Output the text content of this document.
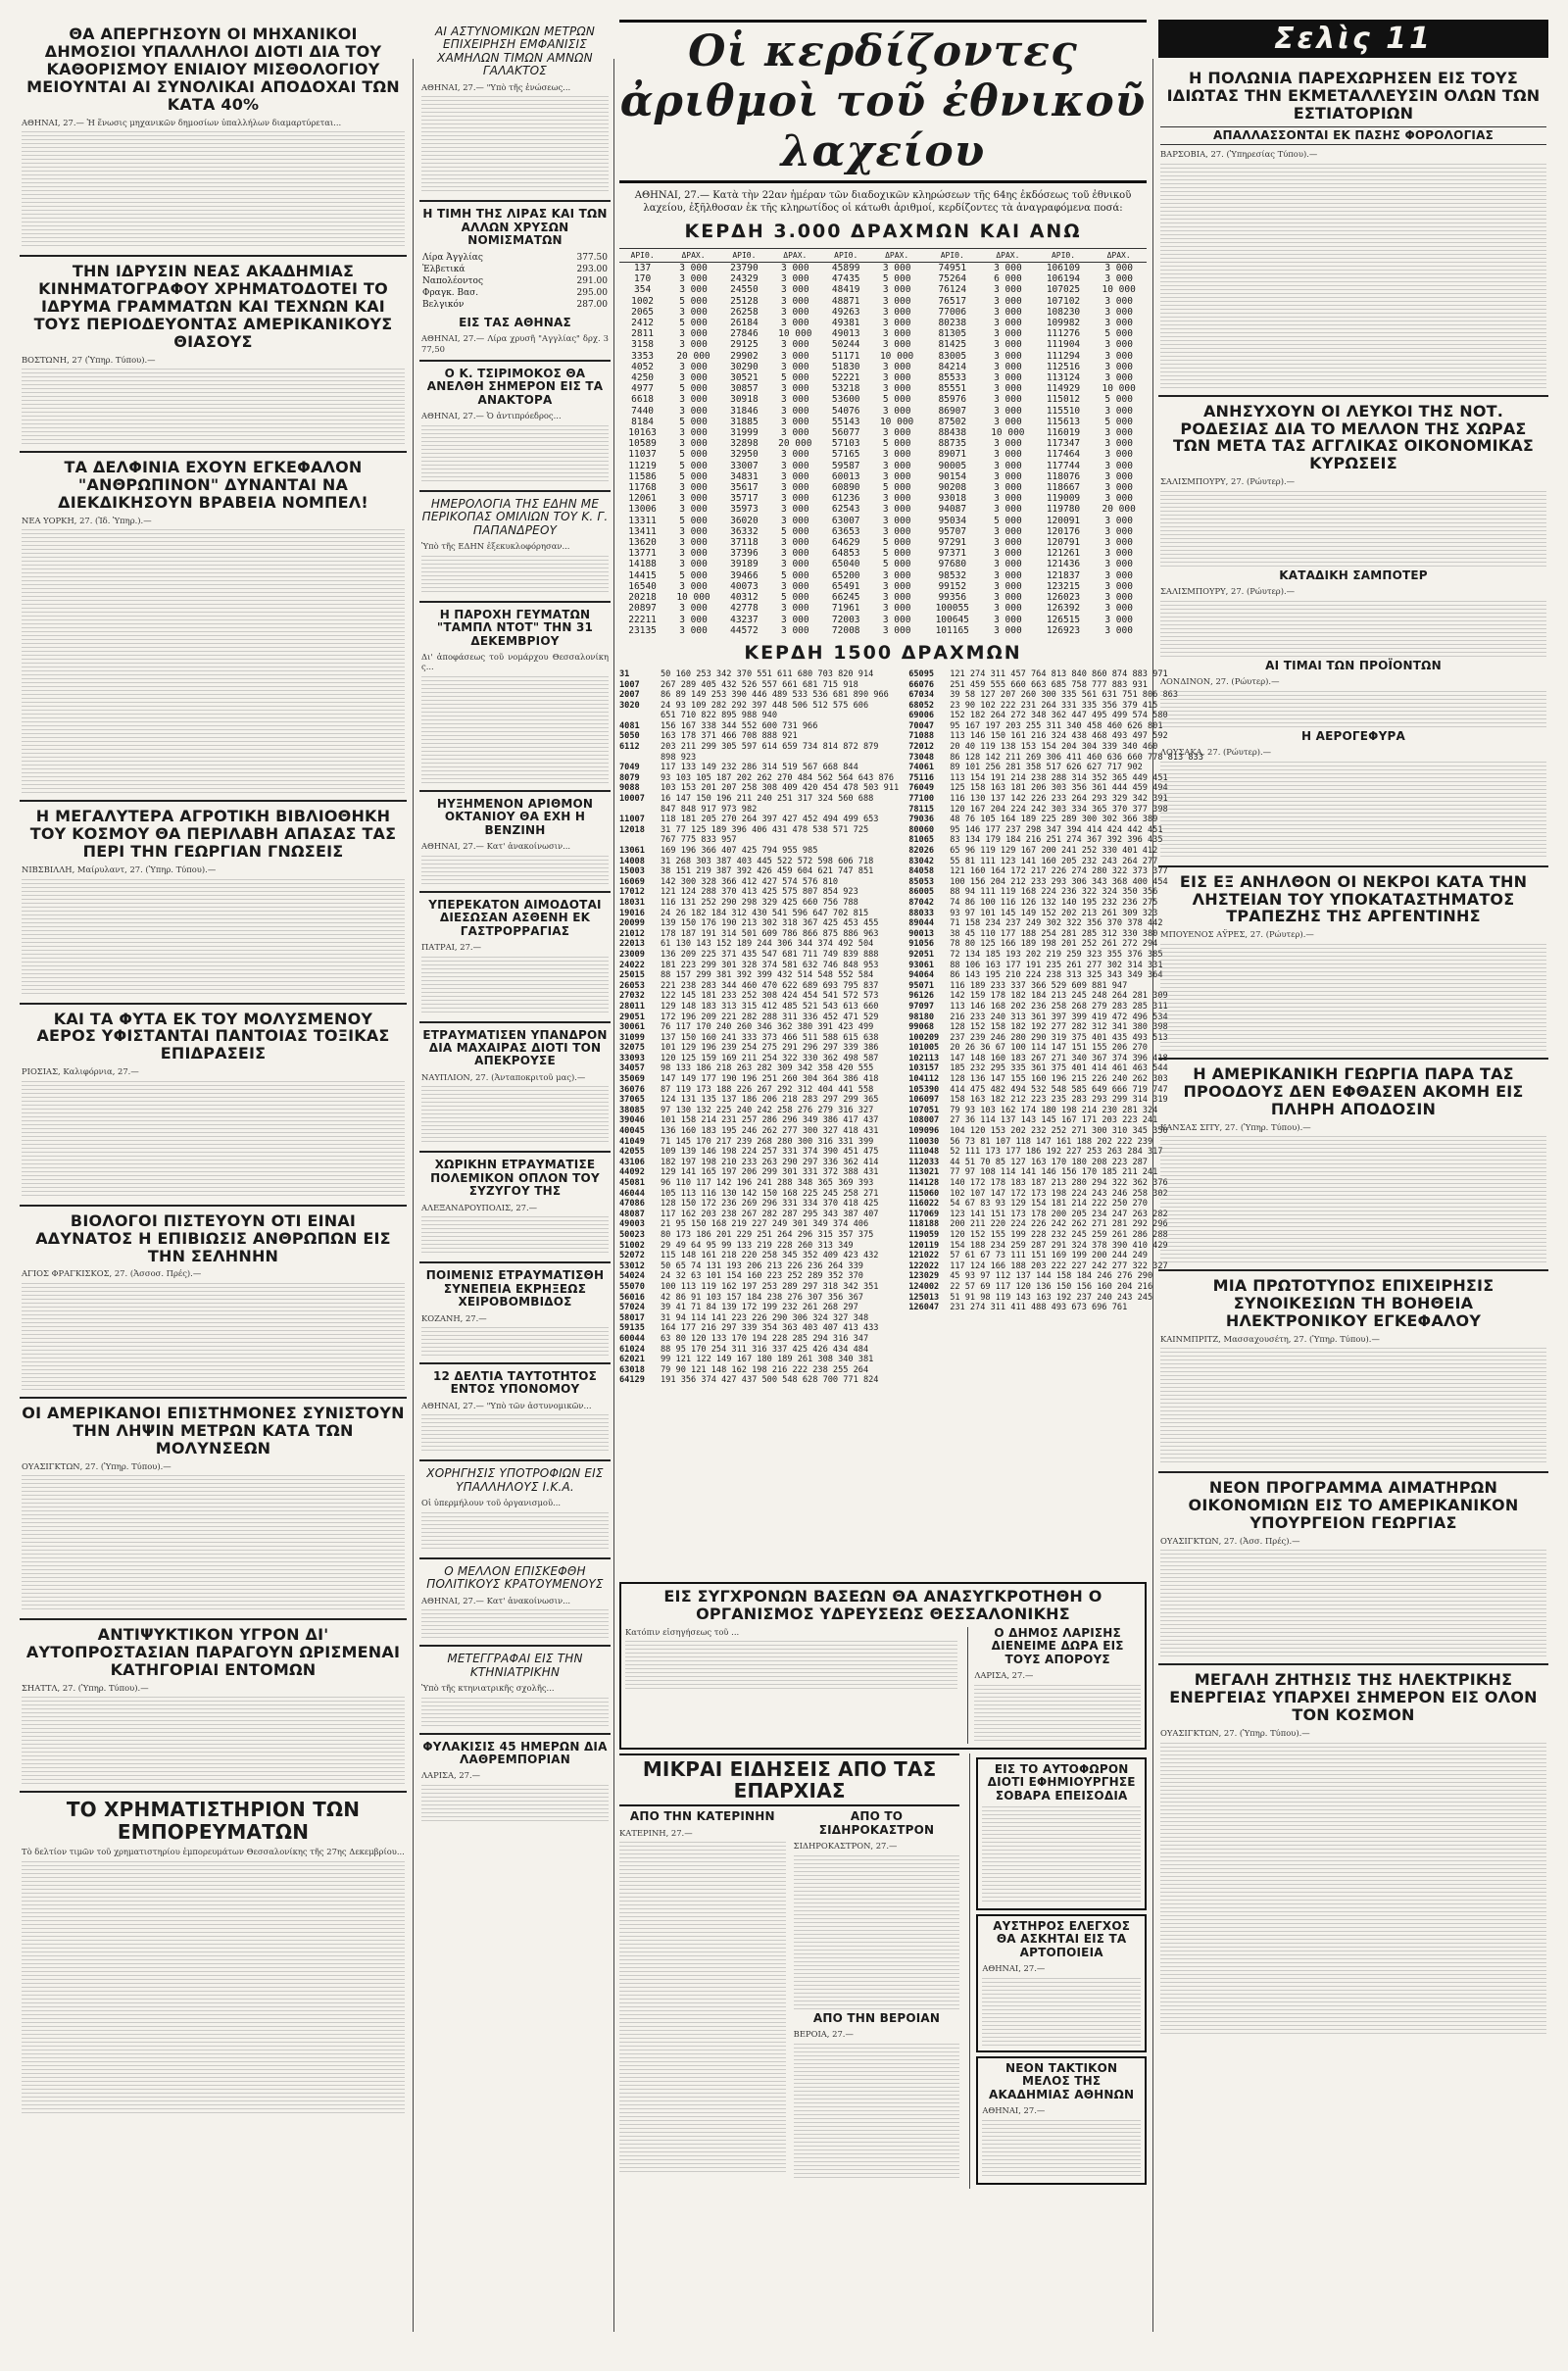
ΘΑ ΑΠΕΡΓΗΣΟΥΝ ΟΙ ΜΗΧΑΝΙΚΟΙ ΔΗΜΟΣΙΟΙ ΥΠΑΛΛΗΛΟΙ ΔΙΟΤΙ ΔΙΑ ΤΟΥ ΚΑΘΟΡΙΣΜΟΥ ΕΝΙΑΙΟΥ ΜΙΣΘΟΛΟΓΙΟΥ ΜΕΙΟΥΝΤΑΙ ΑΙ ΣΥΝΟΛΙΚΑΙ ΑΠΟΔΟΧΑΙ ΤΩΝ ΚΑΤΑ 40%

ΑΘΗΝΑΙ, 27.— Ἡ ἕνωσις μηχανικῶν δημοσίων ὑπαλλήλων διαμαρτύρεται...

ΤΗΝ ΙΔΡΥΣΙΝ ΝΕΑΣ ΑΚΑΔΗΜΙΑΣ ΚΙΝΗΜΑΤΟΓΡΑΦΟΥ ΧΡΗΜΑΤΟΔΟΤΕΙ ΤΟ ΙΔΡΥΜΑ ΓΡΑΜΜΑΤΩΝ ΚΑΙ ΤΕΧΝΩΝ ΚΑΙ ΤΟΥΣ ΠΕΡΙΟΔΕΥΟΝΤΑΣ ΑΜΕΡΙΚΑΝΙΚΟΥΣ ΘΙΑΣΟΥΣ

ΒΟΣΤΩΝΗ, 27 (Ὑπηρ. Τύπου).—

ΤΑ ΔΕΛΦΙΝΙΑ ΕΧΟΥΝ ΕΓΚΕΦΑΛΟΝ "ΑΝΘΡΩΠΙΝΟΝ" ΔΥΝΑΝΤΑΙ ΝΑ ΔΙΕΚΔΙΚΗΣΟΥΝ ΒΡΑΒΕΙΑ ΝΟΜΠΕΛ!

ΝΕΑ ΥΟΡΚΗ, 27. (Ἰδ. Ὑπηρ.).—

Η ΜΕΓΑΛΥΤΕΡΑ ΑΓΡΟΤΙΚΗ ΒΙΒΛΙΟΘΗΚΗ ΤΟΥ ΚΟΣΜΟΥ ΘΑ ΠΕΡΙΛΑΒΗ ΑΠΑΣΑΣ ΤΑΣ ΠΕΡΙ ΤΗΝ ΓΕΩΡΓΙΑΝ ΓΝΩΣΕΙΣ

ΝΙΒΣΒΙΛΛΗ, Μαίρυλαντ, 27. (Ὑπηρ. Τύπου).—

ΚΑΙ ΤΑ ΦΥΤΑ ΕΚ ΤΟΥ ΜΟΛΥΣΜΕΝΟΥ ΑΕΡΟΣ ΥΦΙΣΤΑΝΤΑΙ ΠΑΝΤΟΙΑΣ ΤΟΞΙΚΑΣ ΕΠΙΔΡΑΣΕΙΣ

ΡΙΟΣΙΑΣ, Καλιφόρνια, 27.—

ΒΙΟΛΟΓΟΙ ΠΙΣΤΕΥΟΥΝ ΟΤΙ ΕΙΝΑΙ ΑΔΥΝΑΤΟΣ Η ΕΠΙΒΙΩΣΙΣ ΑΝΘΡΩΠΩΝ ΕΙΣ ΤΗΝ ΣΕΛΗΝΗΝ

ΑΓΙΟΣ ΦΡΑΓΚΙΣΚΟΣ, 27. (Ἀσσοσ. Πρές).—

ΟΙ ΑΜΕΡΙΚΑΝΟΙ ΕΠΙΣΤΗΜΟΝΕΣ ΣΥΝΙΣΤΟΥΝ ΤΗΝ ΛΗΨΙΝ ΜΕΤΡΩΝ ΚΑΤΑ ΤΩΝ ΜΟΛΥΝΣΕΩΝ

ΟΥΑΣΙΓΚΤΩΝ, 27. (Ὑπηρ. Τύπου).—

ΑΝΤΙΨΥΚΤΙΚΟΝ ΥΓΡΟΝ ΔΙ' ΑΥΤΟΠΡΟΣΤΑΣΙΑΝ ΠΑΡΑΓΟΥΝ ΩΡΙΣΜΕΝΑΙ ΚΑΤΗΓΟΡΙΑΙ ΕΝΤΟΜΩΝ

ΣΗΑΤΤΛ, 27. (Ὑπηρ. Τύπου).—

ΤΟ ΧΡΗΜΑΤΙΣΤΗΡΙΟΝ ΤΩΝ ΕΜΠΟΡΕΥΜΑΤΩΝ

Τὸ δελτίον τιμῶν τοῦ χρηματιστηρίου ἐμπορευμάτων Θεσσαλονίκης τῆς 27ης Δεκεμβρίου...

ΑΙ ΑΣΤΥΝΟΜΙΚΩΝ ΜΕΤΡΩΝ ΕΠΙΧΕΙΡΗΣΗ ΕΜΦΑΝΙΣΙΣ ΧΑΜΗΛΩΝ ΤΙΜΩΝ ΑΜΝΩΝ ΓΑΛΑΚΤΟΣ

ΑΘΗΝΑΙ, 27.— "Υπὸ τῆς ἐνώσεως...

Η ΤΙΜΗ ΤΗΣ ΛΙΡΑΣ ΚΑΙ ΤΩΝ ΑΛΛΩΝ ΧΡΥΣΩΝ ΝΟΜΙΣΜΑΤΩΝ
Λίρα Ἀγγλίας	377.50
Ἐλβετικά	293.00
Ναπολέοντος	291.00
Φραγκ. Βασ.	295.00
Βελγικόν	287.00
ΕΙΣ ΤΑΣ ΑΘΗΝΑΣ

ΑΘΗΝΑΙ, 27.— Λίρα χρυσῆ "Αγγλίας" δρχ. 377,50

Ο Κ. ΤΣΙΡΙΜΟΚΟΣ ΘΑ ΑΝΕΛΘΗ ΣΗΜΕΡΟΝ ΕΙΣ ΤΑ ΑΝΑΚΤΟΡΑ

ΑΘΗΝΑΙ, 27.— Ὁ ἀντιπρόεδρος...

ΗΜΕΡΟΛΟΓΙΑ ΤΗΣ ΕΔΗΝ ΜΕ ΠΕΡΙΚΟΠΑΣ ΟΜΙΛΙΩΝ ΤΟΥ Κ. Γ. ΠΑΠΑΝΔΡΕΟΥ

Ὑπὸ τῆς ΕΔΗΝ ἐξεκυκλοφόρησαν...

Η ΠΑΡΟΧΗ ΓΕΥΜΑΤΩΝ "ΤΑΜΠΛ ΝΤΟΤ" ΤΗΝ 31 ΔΕΚΕΜΒΡΙΟΥ

Δι' ἀποφάσεως τοῦ νομάρχου Θεσσαλονίκης...

ΗΥΞΗΜΕΝΟΝ ΑΡΙΘΜΟΝ ΟΚΤΑΝΙΟΥ ΘΑ ΕΧΗ Η ΒΕΝΖΙΝΗ

ΑΘΗΝΑΙ, 27.— Κατ' ἀνακοίνωσιν...

ΥΠΕΡΕΚΑΤΟΝ ΑΙΜΟΔΟΤΑΙ ΔΙΕΣΩΣΑΝ ΑΣΘΕΝΗ ΕΚ ΓΑΣΤΡΟΡΡΑΓΙΑΣ

ΠΑΤΡΑΙ, 27.—

ΕΤΡΑΥΜΑΤΙΣΕΝ ΥΠΑΝΔΡΟΝ ΔΙΑ ΜΑΧΑΙΡΑΣ ΔΙΟΤΙ ΤΟΝ ΑΠΕΚΡΟΥΣΕ

ΝΑΥΠΛΙΟΝ, 27. (Ἀνταποκριτοῦ μας).—

ΧΩΡΙΚΗΝ ΕΤΡΑΥΜΑΤΙΣΕ ΠΟΛΕΜΙΚΟΝ ΟΠΛΟΝ ΤΟΥ ΣΥΖΥΓΟΥ ΤΗΣ

ΑΛΕΞΑΝΔΡΟΥΠΟΛΙΣ, 27.—

ΠΟΙΜΕΝΙΣ ΕΤΡΑΥΜΑΤΙΣΘΗ ΣΥΝΕΠΕΙΑ ΕΚΡΗΞΕΩΣ ΧΕΙΡΟΒΟΜΒΙΔΟΣ

ΚΟΖΑΝΗ, 27.—

12 ΔΕΛΤΙΑ ΤΑΥΤΟΤΗΤΟΣ ΕΝΤΟΣ ΥΠΟΝΟΜΟΥ

ΑΘΗΝΑΙ, 27.— "Υπὸ τῶν ἀστυνομικῶν...

ΧΟΡΗΓΗΣΙΣ ΥΠΟΤΡΟΦΙΩΝ ΕΙΣ ΥΠΑΛΛΗΛΟΥΣ Ι.Κ.Α.

Οἱ ὑπερμήλουν τοῦ ὀργανισμοῦ...

Ο ΜΕΛΛΟΝ ΕΠΙΣΚΕΦΘΗ ΠΟΛΙΤΙΚΟΥΣ ΚΡΑΤΟΥΜΕΝΟΥΣ

ΑΘΗΝΑΙ, 27.— Κατ' ἀνακοίνωσιν...

ΜΕΤΕΓΓΡΑΦΑΙ ΕΙΣ ΤΗΝ ΚΤΗΝΙΑΤΡΙΚΗΝ

Ὑπὸ τῆς κτηνιατρικῆς σχολῆς...

ΦΥΛΑΚΙΣΙΣ 45 ΗΜΕΡΩΝ ΔΙΑ ΛΑΘΡΕΜΠΟΡΙΑΝ

ΛΑΡΙΣΑ, 27.—

Οἱ κερδίζοντες ἀριθμοὶ τοῦ ἐθνικοῦ λαχείου

ΑΘΗΝΑΙ, 27.— Κατὰ τὴν 22αν ἡμέραν τῶν διαδοχικῶν κληρώσεων τῆς 64ης ἐκδόσεως τοῦ ἐθνικοῦ λαχείου, ἐξῆλθοσαν ἐκ τῆς κληρωτίδος οἱ κάτωθι ἀριθμοί, κερδίζοντες τὰ ἀναγραφόμενα ποσά:

ΚΕΡΔΗ 3.000 ΔΡΑΧΜΩΝ ΚΑΙ ΑΝΩ
ΑΡΙΘ.	ΔΡΑΧ.	ΑΡΙΘ.	ΔΡΑΧ.	ΑΡΙΘ.	ΔΡΑΧ.	ΑΡΙΘ.	ΔΡΑΧ.	ΑΡΙΘ.	ΔΡΑΧ.
137	3 000	23790	3 000	45899	3 000	74951	3 000	106109	3 000
170	3 000	24329	3 000	47435	5 000	75264	6 000	106194	3 000
354	3 000	24550	3 000	48419	3 000	76124	3 000	107025	10 000
1002	5 000	25128	3 000	48871	3 000	76517	3 000	107102	3 000
2065	3 000	26258	3 000	49263	3 000	77006	3 000	108230	3 000
2412	5 000	26184	3 000	49381	3 000	80238	3 000	109982	3 000
2811	3 000	27846	10 000	49013	3 000	81305	3 000	111276	5 000
3158	3 000	29125	3 000	50244	3 000	81425	3 000	111904	3 000
3353	20 000	29902	3 000	51171	10 000	83005	3 000	111294	3 000
4052	3 000	30290	3 000	51830	3 000	84214	3 000	112516	3 000
4250	3 000	30521	5 000	52221	3 000	85533	3 000	113124	3 000
4977	5 000	30857	3 000	53218	3 000	85551	3 000	114929	10 000
6618	3 000	30918	3 000	53600	5 000	85976	3 000	115012	5 000
7440	3 000	31846	3 000	54076	3 000	86907	3 000	115510	3 000
8184	5 000	31885	3 000	55143	10 000	87502	3 000	115613	5 000
10163	3 000	31999	3 000	56077	3 000	88438	10 000	116019	3 000
10589	3 000	32898	20 000	57103	5 000	88735	3 000	117347	3 000
11037	5 000	32950	3 000	57165	3 000	89071	3 000	117464	3 000
11219	5 000	33007	3 000	59587	3 000	90005	3 000	117744	3 000
11586	5 000	34831	3 000	60013	3 000	90154	3 000	118076	3 000
11768	3 000	35617	3 000	60890	5 000	90208	3 000	118667	3 000
12061	3 000	35717	3 000	61236	3 000	93018	3 000	119009	3 000
13006	3 000	35973	3 000	62543	3 000	94087	3 000	119780	20 000
13311	5 000	36020	3 000	63007	3 000	95034	5 000	120091	3 000
13411	3 000	36332	5 000	63653	3 000	95707	3 000	120176	3 000
13620	3 000	37118	3 000	64629	5 000	97291	3 000	120791	3 000
13771	3 000	37396	3 000	64853	5 000	97371	3 000	121261	3 000
14188	3 000	39189	3 000	65040	5 000	97680	3 000	121436	3 000
14415	5 000	39466	5 000	65200	3 000	98532	3 000	121837	3 000
16540	3 000	40073	3 000	65491	3 000	99152	3 000	123215	3 000
20218	10 000	40312	5 000	66245	3 000	99356	3 000	126023	3 000
20897	3 000	42778	3 000	71961	3 000	100055	3 000	126392	3 000
22211	3 000	43237	3 000	72003	3 000	100645	3 000	126515	3 000
23135	3 000	44572	3 000	72008	3 000	101165	3 000	126923	3 000
ΚΕΡΔΗ 1500 ΔΡΑΧΜΩΝ
31	50 160 253 342 370 551 611 680 703 820 914
1007	267 289 405 432 526 557 661 681 715 918
2007	86 89 149 253 390 446 489 533 536 681 890 966
3020	24 93 109 282 292 397 448 506 512 575 606
651 710 822 895 988 940
4081	156 167 338 344 552 600 731 966
5050	163 178 371 466 708 888 921
6112	203 211 299 305 597 614 659 734 814 872 879
898 923
7049	117 133 149 232 286 314 519 567 668 844
8079	93 103 105 187 202 262 270 484 562 564 643 876
9088	103 153 201 207 258 308 409 420 454 478 503 911
10007	16 147 150 196 211 240 251 317 324 560 688
847 848 917 973 982
11007	118 181 205 270 264 397 427 452 494 499 653
12018	31 77 125 189 396 406 431 478 538 571 725
767 775 833 957
13061	169 196 366 407 425 794 955 985
14008	31 268 303 387 403 445 522 572 598 606 718
15003	38 151 219 387 392 426 459 604 621 747 851
16069	142 300 328 366 412 427 574 576 810
17012	121 124 288 370 413 425 575 807 854 923
18031	116 131 252 290 298 329 425 660 756 788
19016	24 26 182 184 312 430 541 596 647 702 815
20099	139 150 176 190 213 302 318 367 425 453 455
21012	178 187 191 314 501 609 786 866 875 886 963
22013	61 130 143 152 189 244 306 344 374 492 504
23009	136 209 225 371 435 547 681 711 749 839 888
24022	181 223 299 301 328 374 581 632 746 848 953
25015	88 157 299 381 392 399 432 514 548 552 584
26053	221 238 283 344 460 470 622 689 693 795 837
27032	122 145 181 233 252 308 424 454 541 572 573
28011	129 148 183 313 315 412 485 521 543 613 660
29051	172 196 209 221 282 288 311 336 452 471 529
30061	76 117 170 240 260 346 362 380 391 423 499
31099	137 150 160 241 333 373 466 511 588 615 638
32075	101 129 196 239 254 275 291 296 297 339 386
33093	120 125 159 169 211 254 322 330 362 498 587
34057	98 133 186 218 263 282 309 342 358 420 555
35069	147 149 177 190 196 251 260 304 364 386 418
36076	87 119 173 188 226 267 292 312 404 441 558
37065	124 131 135 137 186 206 218 283 297 299 365
38085	97 130 132 225 240 242 258 276 279 316 327
39046	101 158 214 231 257 286 296 349 386 417 437
40045	136 160 183 195 246 262 277 300 327 418 431
41049	71 145 170 217 239 268 280 300 316 331 399
42055	109 139 146 198 224 257 331 374 390 451 475
43106	182 197 198 210 233 263 290 297 336 362 414
44092	129 141 165 197 206 299 301 331 372 388 431
45081	96 110 117 142 196 241 288 348 365 369 393
46044	105 113 116 130 142 150 168 225 245 258 271
47086	128 150 172 236 269 296 331 334 370 418 425
48087	117 162 203 238 267 282 287 295 343 387 407
49003	21 95 150 168 219 227 249 301 349 374 406
50023	80 173 186 201 229 251 264 296 315 357 375
51002	29 49 64 95 99 133 219 228 260 313 349
52072	115 148 161 218 220 258 345 352 409 423 432
53012	50 65 74 131 193 206 213 226 236 264 339
54024	24 32 63 101 154 160 223 252 289 352 370
55070	100 113 119 162 197 253 289 297 318 342 351
56016	42 86 91 103 157 184 238 276 307 356 367
57024	39 41 71 84 139 172 199 232 261 268 297
58017	31 94 114 141 223 226 290 306 324 327 348
59135	164 177 216 297 339 354 363 403 407 413 433
60044	63 80 120 133 170 194 228 285 294 316 347
61024	88 95 170 254 311 316 337 425 426 434 484
62021	99 121 122 149 167 180 189 261 308 340 381
63018	79 90 121 148 162 198 216 222 238 255 264
64129	191 356 374 427 437 500 548 628 700 771 824
65095	121 274 311 457 764 813 840 860 874 883 971
66076	251 459 555 660 663 685 758 777 883 931
67034	39 58 127 207 260 300 335 561 631 751 806 863
68052	23 90 102 222 231 264 331 335 356 379 415
69006	152 182 264 272 348 362 447 495 499 574 580
70047	95 167 197 203 255 311 340 458 460 626 801
71088	113 146 150 161 216 324 438 468 493 497 592
72012	20 40 119 138 153 154 204 304 339 340 460
73048	86 128 142 211 269 306 411 460 636 660 778 813 833
74061	89 101 256 281 358 517 626 627 717 902
75116	113 154 191 214 238 288 314 352 365 449 451
76049	125 158 163 181 206 303 356 361 444 459 494
77100	116 130 137 142 226 233 264 293 329 342 391
78115	120 167 204 224 242 303 334 365 370 377 398
79036	48 76 105 164 189 225 289 300 302 366 389
80060	95 146 177 237 298 347 394 414 424 442 451
81065	83 134 179 184 216 251 274 367 392 396 435
82026	65 96 119 129 167 200 241 252 330 401 412
83042	55 81 111 123 141 160 205 232 243 264 277
84058	121 160 164 172 217 226 274 280 322 373 377
85053	100 156 204 212 233 293 306 343 368 400 454
86005	88 94 111 119 168 224 236 322 324 350 356
87042	74 86 100 116 126 132 140 195 232 236 275
88033	93 97 101 145 149 152 202 213 261 309 323
89044	71 158 234 237 249 302 322 356 370 378 442
90013	38 45 110 177 188 254 281 285 312 330 380
91056	78 80 125 166 189 198 201 252 261 272 294
92051	72 134 185 193 202 219 259 323 355 376 385
93061	88 106 163 177 191 235 261 277 302 314 331
94064	86 143 195 210 224 238 313 325 343 349 364
95071	116 189 233 337 366 529 609 881 947
96126	142 159 178 182 184 213 245 248 264 281 309
97097	113 146 168 202 236 258 268 279 283 285 311
98180	216 233 240 313 361 397 399 419 472 496 534
99068	128 152 158 182 192 277 282 312 341 380 398
100209	237 239 246 280 290 319 375 401 435 493 513
101005	20 26 36 67 100 114 147 151 155 206 270
102113	147 148 160 183 267 271 340 367 374 396 418
103157	185 232 295 335 361 375 401 414 461 463 544
104112	128 136 147 155 160 196 215 226 240 262 303
105390	414 475 482 494 532 548 585 649 666 719 747
106097	158 163 182 212 223 235 283 293 299 314 319
107051	79 93 103 162 174 180 198 214 230 281 324
108007	27 36 114 137 143 145 167 171 203 223 241
109096	104 120 153 202 232 252 271 300 310 345 350
110030	56 73 81 107 118 147 161 188 202 222 239
111048	52 111 173 177 186 192 227 253 263 284 317
112033	44 51 70 85 127 163 170 180 208 223 287
113021	77 97 108 114 141 146 156 170 185 211 241
114128	140 172 178 183 187 213 280 294 322 362 376
115060	102 107 147 172 173 198 224 243 246 258 302
116022	54 67 83 93 129 154 181 214 222 250 270
117069	123 141 151 173 178 200 205 234 247 263 282
118188	200 211 220 224 226 242 262 271 281 292 296
119059	120 152 155 199 228 232 245 259 261 286 288
120119	154 188 234 259 287 291 324 378 390 410 429
121022	57 61 67 73 111 151 169 199 200 244 249
122022	117 124 166 188 203 222 227 242 277 322 327
123029	45 93 97 112 137 144 158 184 246 276 290
124002	22 57 69 117 120 136 150 156 160 204 216
125013	51 91 98 119 143 163 192 237 240 243 245
126047	231 274 311 411 488 493 673 696 761
ΕΙΣ ΣΥΓΧΡΟΝΩΝ ΒΑΣΕΩΝ ΘΑ ΑΝΑΣΥΓΚΡΟΤΗΘΗ Ο ΟΡΓΑΝΙΣΜΟΣ ΥΔΡΕΥΣΕΩΣ ΘΕΣΣΑΛΟΝΙΚΗΣ

Κατόπιν εἰσηγήσεως τοῦ ...	Ο ΔΗΜΟΣ ΛΑΡΙΣΗΣ ΔΙΕΝΕΙΜΕ ΔΩΡΑ ΕΙΣ ΤΟΥΣ ΑΠΟΡΟΥΣ

ΛΑΡΙΣΑ, 27.—

ΜΙΚΡΑΙ ΕΙΔΗΣΕΙΣ ΑΠΟ ΤΑΣ ΕΠΑΡΧΙΑΣ
ΑΠΟ ΤΗΝ ΚΑΤΕΡΙΝΗΝ

ΚΑΤΕΡΙΝΗ, 27.—

ΑΠΟ ΤΟ ΣΙΔΗΡΟΚΑΣΤΡΟΝ

ΣΙΔΗΡΟΚΑΣΤΡΟΝ, 27.—

ΑΠΟ ΤΗΝ ΒΕΡΟΙΑΝ

ΒΕΡΟΙΑ, 27.—

ΕΙΣ ΤΟ ΑΥΤΟΦΩΡΟΝ ΔΙΟΤΙ ΕΦΗΜΙΟΥΡΓΗΣΕ ΣΟΒΑΡΑ ΕΠΕΙΣΟΔΙΑ
ΑΥΣΤΗΡΟΣ ΕΛΕΓΧΟΣ ΘΑ ΑΣΚΗΤΑΙ ΕΙΣ ΤΑ ΑΡΤΟΠΟΙΕΙΑ

ΑΘΗΝΑΙ, 27.—

ΝΕΟΝ ΤΑΚΤΙΚΟΝ ΜΕΛΟΣ ΤΗΣ ΑΚΑΔΗΜΙΑΣ ΑΘΗΝΩΝ

ΑΘΗΝΑΙ, 27.—

Σελὶς 11
Η ΠΟΛΩΝΙΑ ΠΑΡΕΧΩΡΗΣΕΝ ΕΙΣ ΤΟΥΣ ΙΔΙΩΤΑΣ ΤΗΝ ΕΚΜΕΤΑΛΛΕΥΣΙΝ ΟΛΩΝ ΤΩΝ ΕΣΤΙΑΤΟΡΙΩΝ
ΑΠΑΛΛΑΣΣΟΝΤΑΙ ΕΚ ΠΑΣΗΣ ΦΟΡΟΛΟΓΙΑΣ

ΒΑΡΣΟΒΙΑ, 27. (Ὑπηρεσίας Τύπου).—

ΑΝΗΣΥΧΟΥΝ ΟΙ ΛΕΥΚΟΙ ΤΗΣ ΝΟΤ. ΡΟΔΕΣΙΑΣ ΔΙΑ ΤΟ ΜΕΛΛΟΝ ΤΗΣ ΧΩΡΑΣ ΤΩΝ ΜΕΤΑ ΤΑΣ ΑΓΓΛΙΚΑΣ ΟΙΚΟΝΟΜΙΚΑΣ ΚΥΡΩΣΕΙΣ

ΣΑΛΙΣΜΠΟΥΡΥ, 27. (Ρώυτερ).—

ΚΑΤΑΔΙΚΗ ΣΑΜΠΟΤΕΡ

ΣΑΛΙΣΜΠΟΥΡΥ, 27. (Ρώυτερ).—

ΑΙ ΤΙΜΑΙ ΤΩΝ ΠΡΟΪΟΝΤΩΝ

ΛΟΝΔΙΝΟΝ, 27. (Ρώυτερ).—

Η ΑΕΡΟΓΕΦΥΡΑ

ΛΟΥΣΑΚΑ, 27. (Ρώυτερ).—

ΕΙΣ ΕΞ ΑΝΗΛΘΟΝ ΟΙ ΝΕΚΡΟΙ ΚΑΤΑ ΤΗΝ ΛΗΣΤΕΙΑΝ ΤΟΥ ΥΠΟΚΑΤΑΣΤΗΜΑΤΟΣ ΤΡΑΠΕΖΗΣ ΤΗΣ ΑΡΓΕΝΤΙΝΗΣ

ΜΠΟΥΕΝΟΣ ΑΫΡΕΣ, 27. (Ρώυτερ).—

Η ΑΜΕΡΙΚΑΝΙΚΗ ΓΕΩΡΓΙΑ ΠΑΡΑ ΤΑΣ ΠΡΟΟΔΟΥΣ ΔΕΝ ΕΦΘΑΣΕΝ ΑΚΟΜΗ ΕΙΣ ΠΛΗΡΗ ΑΠΟΔΟΣΙΝ

ΚΑΝΣΑΣ ΣΙΤΥ, 27. (Ὑπηρ. Τύπου).—

ΜΙΑ ΠΡΩΤΟΤΥΠΟΣ ΕΠΙΧΕΙΡΗΣΙΣ ΣΥΝΟΙΚΕΣΙΩΝ ΤΗ ΒΟΗΘΕΙΑ ΗΛΕΚΤΡΟΝΙΚΟΥ ΕΓΚΕΦΑΛΟΥ

ΚΑΙΝΜΠΡΙΤΖ, Μασσαχουσέτη, 27. (Ὑπηρ. Τύπου).—

ΝΕΟΝ ΠΡΟΓΡΑΜΜΑ ΑΙΜΑΤΗΡΩΝ ΟΙΚΟΝΟΜΙΩΝ ΕΙΣ ΤΟ ΑΜΕΡΙΚΑΝΙΚΟΝ ΥΠΟΥΡΓΕΙΟΝ ΓΕΩΡΓΙΑΣ

ΟΥΑΣΙΓΚΤΩΝ, 27. (Ἀσσ. Πρές).—

ΜΕΓΑΛΗ ΖΗΤΗΣΙΣ ΤΗΣ ΗΛΕΚΤΡΙΚΗΣ ΕΝΕΡΓΕΙΑΣ ΥΠΑΡΧΕΙ ΣΗΜΕΡΟΝ ΕΙΣ ΟΛΟΝ ΤΟΝ ΚΟΣΜΟΝ

ΟΥΑΣΙΓΚΤΩΝ, 27. (Ὑπηρ. Τύπου).—
